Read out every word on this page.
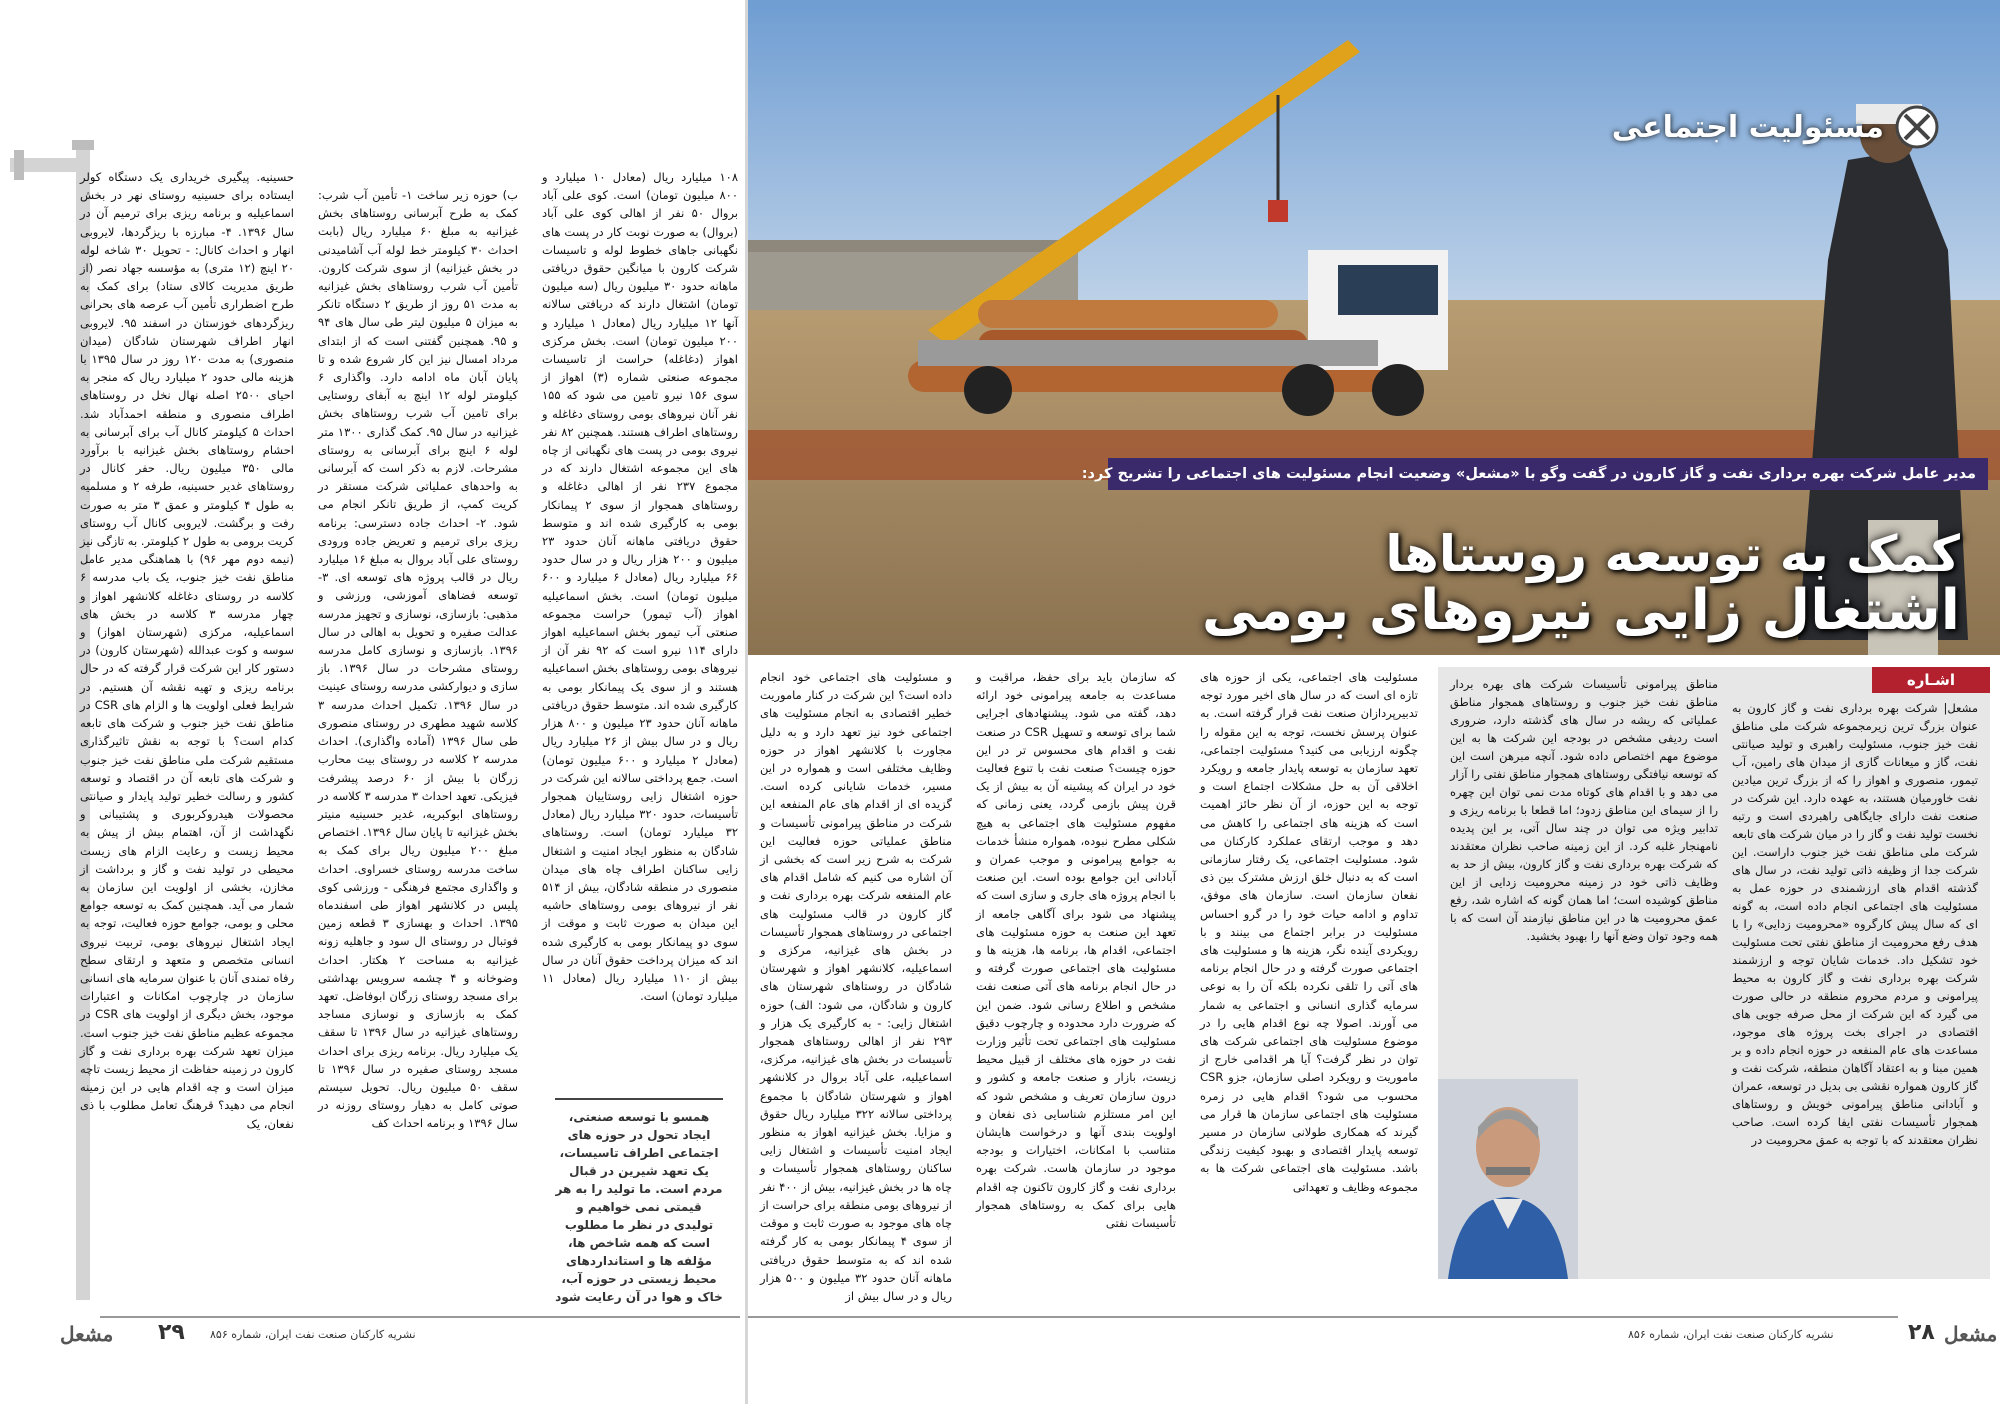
حسینیه. پیگیری خریداری یک دستگاه کولر ایستاده برای حسینیه روستای نهر در بخش اسماعیلیه و برنامه ریزی برای ترمیم آن در سال ۱۳۹۶. ۴- مبارزه با ریزگردها، لایروبی انهار و احداث کانال: - تحویل ۳۰ شاخه لوله ۲۰ اینچ (۱۲ متری) به مؤسسه جهاد نصر (از طریق مدیریت کالای ستاد) برای کمک به طرح اضطراری تأمین آب عرصه های بحرانی ریزگردهای خوزستان در اسفند ۹۵. لایروبی انهار اطراف شهرستان شادگان (میدان منصوری) به مدت ۱۲۰ روز در سال ۱۳۹۵ با هزینه مالی حدود ۲ میلیارد ریال که منجر به احیای ۲۵۰۰ اصله نهال نخل در روستاهای اطراف منصوری و منطقه احمدآباد شد. احداث ۵ کیلومتر کانال آب برای آبرسانی به احشام روستاهای بخش غیزانیه با برآورد مالی ۳۵۰ میلیون ریال. حفر کانال در روستاهای غدیر حسینیه، طرفه ۲ و مسلمیه به طول ۴ کیلومتر و عمق ۳ متر به صورت رفت و برگشت. لایروبی کانال آب روستای کریت برومی به طول ۲ کیلومتر. به تازگی نیز (نیمه دوم مهر ۹۶) با هماهنگی مدیر عامل مناطق نفت خیز جنوب، یک باب مدرسه ۶ کلاسه در روستای دغاغله کلانشهر اهواز و چهار مدرسه ۳ کلاسه در بخش های اسماعیلیه، مرکزی (شهرستان اهواز) و سوسه و کوت عبدالله (شهرستان کارون) در دستور کار این شرکت قرار گرفته که در حال برنامه ریزی و تهیه نقشه آن هستیم. در شرایط فعلی اولویت ها و الزام های CSR در مناطق نفت خیز جنوب و شرکت های تابعه کدام است؟ با توجه به نقش تاثیرگذاری مستقیم شرکت ملی مناطق نفت خیز جنوب و شرکت های تابعه آن در اقتصاد و توسعه کشور و رسالت خطیر تولید پایدار و صیانتی محصولات هیدروکربوری و پشتیبانی و نگهداشت از آن، اهتمام بیش از پیش به محیط زیست و رعایت الزام های زیست محیطی در تولید نفت و گاز و برداشت از مخازن، بخشی از اولویت این سازمان به شمار می آید. همچنین کمک به توسعه جوامع محلی و بومی، جوامع حوزه فعالیت، توجه به ایجاد اشتغال نیروهای بومی، تربیت نیروی انسانی متخصص و متعهد و ارتقای سطح رفاه تمندی آنان با عنوان سرمایه های انسانی سازمان در چارچوب امکانات و اعتبارات موجود، بخش دیگری از اولویت های CSR در مجموعه عظیم مناطق نفت خیز جنوب است. میزان تعهد شرکت بهره برداری نفت و گاز کارون در زمینه حفاظت از محیط زیست تاچه میزان است و چه اقدام هایی در این زمینه انجام می دهید؟ قرهنگ تعامل مطلوب با ذی نفعان، یک

ب) حوزه زیر ساخت ۱- تأمین آب شرب: کمک به طرح آبرسانی روستاهای بخش غیزانیه به مبلغ ۶۰ میلیارد ریال (بابت احداث ۳۰ کیلومتر خط لوله آب آشامیدنی در بخش غیزانیه) از سوی شرکت کارون. تأمین آب شرب روستاهای بخش غیزانیه به مدت ۵۱ روز از طریق ۲ دستگاه تانکر به میزان ۵ میلیون لیتر طی سال های ۹۴ و ۹۵. همچنین گفتنی است که از ابتدای مرداد امسال نیز این کار شروع شده و تا پایان آبان ماه ادامه دارد. واگذاری ۶ کیلومتر لوله ۱۲ اینچ به آبفای روستایی برای تامین آب شرب روستاهای بخش غیزانیه در سال ۹۵. کمک گذاری ۱۳۰۰ متر لوله ۶ اینچ برای آبرسانی به روستای مشرحات. لازم به ذکر است که آبرسانی به واحدهای عملیاتی شرکت مستقر در کریت کمپ، از طریق تانکر انجام می شود. ۲- احداث جاده دسترسی: برنامه ریزی برای ترمیم و تعریض جاده ورودی روستای علی آباد بروال به مبلغ ۱۶ میلیارد ریال در قالب پروژه های توسعه ای. ۳- توسعه فضاهای آموزشی، ورزشی و مذهبی: بازسازی، نوسازی و تجهیز مدرسه عدالت صفیره و تحویل به اهالی در سال ۱۳۹۶. بازسازی و نوسازی کامل مدرسه روستای مشرحات در سال ۱۳۹۶. باز سازی و دیوارکشی مدرسه روستای عینیت در سال ۱۳۹۶. تکمیل احداث مدرسه ۳ کلاسه شهید مطهری در روستای منصوری طی سال ۱۳۹۶ (آماده واگذاری). احداث مدرسه ۲ کلاسه در روستای بیت محارب زرگان با بیش از ۶۰ درصد پیشرفت فیزیکی. تعهد احداث ۳ مدرسه ۳ کلاسه در روستاهای ابوکبریه، غدیر حسینیه منیتر بخش غیزانیه تا پایان سال ۱۳۹۶. اختصاص مبلغ ۲۰۰ میلیون ریال برای کمک به ساخت مدرسه روستای خسراوی. احداث و واگذاری مجتمع فرهنگی - ورزشی کوی پلیس در کلانشهر اهواز طی اسفندماه ۱۳۹۵. احداث و بهسازی ۳ قطعه زمین فوتبال در روستای ال سود و جاهلیه زونه غیزانیه به مساحت ۲ هکتار. احداث وضوخانه و ۴ چشمه سرویس بهداشتی برای مسجد روستای زرگان ابوفاضل. تعهد کمک به بازسازی و نوسازی مساجد روستاهای غیزانیه در سال ۱۳۹۶ تا سقف یک میلیارد ریال. برنامه ریزی برای احداث مسجد روستای صفیره در سال ۱۳۹۶ تا سقف ۵۰ میلیون ریال. تحویل سیستم صوتی کامل به دهیار روستای روزنه در سال ۱۳۹۶ و برنامه احداث کف

۱۰۸ میلیارد ریال (معادل ۱۰ میلیارد و ۸۰۰ میلیون تومان) است. کوی علی آباد بروال ۵۰ نفر از اهالی کوی علی آباد (بروال) به صورت نوبت کار در پست های نگهبانی جاهای خطوط لوله و تاسیسات شرکت کارون با میانگین حقوق دریافتی ماهانه حدود ۳۰ میلیون ریال (سه میلیون تومان) اشتغال دارند که دریافتی سالانه آنها ۱۲ میلیارد ریال (معادل ۱ میلیارد و ۲۰۰ میلیون تومان) است. بخش مرکزی اهواز (دغاغله) حراست از تاسیسات مجموعه صنعتی شماره (۳) اهواز از سوی ۱۵۶ نیرو تامین می شود که ۱۵۵ نفر آنان نیروهای بومی روستای دغاغله و روستاهای اطراف هستند. همچنین ۸۲ نفر نیروی بومی در پست های نگهبانی از چاه های این مجموعه اشتغال دارند که در مجموع ۲۳۷ نفر از اهالی دغاغله و روستاهای همجوار از سوی ۲ پیمانکار بومی به کارگیری شده اند و متوسط حقوق دریافتی ماهانه آنان حدود ۲۳ میلیون و ۲۰۰ هزار ریال و در سال حدود ۶۶ میلیارد ریال (معادل ۶ میلیارد و ۶۰۰ میلیون تومان) است. بخش اسماعیلیه اهواز (آب تیمور) حراست مجموعه صنعتی آب تیمور بخش اسماعیلیه اهواز دارای ۱۱۴ نیرو است که ۹۲ نفر آن از نیروهای بومی روستاهای بخش اسماعیلیه هستند و از سوی یک پیمانکار بومی به کارگیری شده اند. متوسط حقوق دریافتی ماهانه آنان حدود ۲۳ میلیون و ۸۰۰ هزار ریال و در سال بیش از ۲۶ میلیارد ریال (معادل ۲ میلیارد و ۶۰۰ میلیون تومان) است. جمع پرداختی سالانه این شرکت در حوزه اشتغال زایی روستاییان همجوار تأسیسات، حدود ۳۲۰ میلیارد ریال (معادل ۳۲ میلیارد تومان) است. روستاهای شادگان به منظور ایجاد امنیت و اشتغال زایی ساکنان اطراف چاه های میدان منصوری در منطقه شادگان، بیش از ۵۱۴ نفر از نیروهای بومی روستاهای حاشیه این میدان به صورت ثابت و موقت از سوی دو پیمانکار بومی به کارگیری شده اند که میزان پرداخت حقوق آنان در سال بیش از ۱۱۰ میلیارد ریال (معادل ۱۱ میلیارد تومان) است.

همسو با توسعه صنعتی، ایجاد تحول در حوزه های اجتماعی اطراف تاسیسات، یک تعهد شیرین در قبال مردم است. ما تولید را به هر قیمتی نمی خواهیم و تولیدی در نظر ما مطلوب است که همه شاخص ها، مؤلفه ها و استانداردهای محیط زیستی در حوزه آب، خاک و هوا در آن رعایت شود
مشعل ۲۹ نشریه کارکنان صنعت نفت ایران، شماره ۸۵۶
مسئولیت اجتماعی
مدیر عامل شرکت بهره برداری نفت و گاز کارون در گفت وگو با «مشعل» وضعیت انجام مسئولیت های اجتماعی را تشریح کرد:
کمک به توسعه روستاها
اشتغال زایی نیروهای بومی

و مسئولیت های اجتماعی خود انجام داده است؟ این شرکت در کنار ماموریت خطیر اقتصادی به انجام مسئولیت های اجتماعی خود نیز تعهد دارد و به دلیل مجاورت با کلانشهر اهواز در حوزه وظایف مختلفی است و همواره در این مسیر، خدمات شایانی کرده است. گزیده ای از اقدام های عام المنفعه این شرکت در مناطق پیرامونی تأسیسات و مناطق عملیاتی حوزه فعالیت این شرکت به شرح زیر است که بخشی از آن اشاره می کنیم که شامل اقدام های عام المنفعه شرکت بهره برداری نفت و گاز کارون در قالب مسئولیت های اجتماعی در روستاهای همجوار تأسیسات در بخش های غیزانیه، مرکزی و اسماعیلیه، کلانشهر اهواز و شهرستان شادگان در روستاهای شهرستان های کارون و شادگان، می شود: الف) حوزه اشتغال زایی: - به کارگیری یک هزار و ۲۹۳ نفر از اهالی روستاهای همجوار تأسیسات در بخش های غیزانیه، مرکزی، اسماعیلیه، علی آباد بروال در کلانشهر اهواز و شهرستان شادگان با مجموع پرداختی سالانه ۳۲۲ میلیارد ریال حقوق و مزایا. بخش غیزانیه اهواز به منظور ایجاد امنیت تأسیسات و اشتغال زایی ساکنان روستاهای همجوار تأسیسات و چاه ها در بخش غیزانیه، بیش از ۴۰۰ نفر از نیروهای بومی منطقه برای حراست از چاه های موجود به صورت ثابت و موقت از سوی ۴ پیمانکار بومی به کار گرفته شده اند که به متوسط حقوق دریافتی ماهانه آنان حدود ۳۲ میلیون و ۵۰۰ هزار ریال و در سال بیش از

که سازمان باید برای حفظ، مراقبت و مساعدت به جامعه پیرامونی خود ارائه دهد، گفته می شود. پیشنهادهای اجرایی شما برای توسعه و تسهیل CSR در صنعت نفت و اقدام های محسوس تر در این حوزه چیست؟ صنعت نفت با تنوع فعالیت خود در ایران که پیشینه آن به بیش از یک قرن پیش بازمی گردد، یعنی زمانی که مفهوم مسئولیت های اجتماعی به هیچ شکلی مطرح نبوده، همواره منشأ خدمات به جوامع پیرامونی و موجب عمران و آبادانی این جوامع بوده است. این صنعت با انجام پروژه های جاری و سازی است که پیشنهاد می شود برای آگاهی جامعه از تعهد این صنعت به حوزه مسئولیت های اجتماعی، اقدام ها، برنامه ها، هزینه ها و مسئولیت های اجتماعی صورت گرفته و در حال انجام برنامه های آتی صنعت نفت مشخص و اطلاع رسانی شود. ضمن این که ضرورت دارد محدوده و چارچوب دقیق مسئولیت های اجتماعی تحت تأثیر وزارت نفت در حوزه های مختلف از قبیل محیط زیست، بازار و صنعت جامعه و کشور و درون سازمان تعریف و مشخص شود که این امر مستلزم شناسایی ذی نفعان و اولویت بندی آنها و درخواست هایشان متناسب با امکانات، اختیارات و بودجه موجود در سازمان هاست. شرکت بهره برداری نفت و گاز کارون تاکنون چه اقدام هایی برای کمک به روستاهای همجوار تأسیسات نفتی

مسئولیت های اجتماعی، یکی از حوزه های تازه ای است که در سال های اخیر مورد توجه تدبیرپردازان صنعت نفت قرار گرفته است. به عنوان پرسش نخست، توجه به این مقوله را چگونه ارزیابی می کنید؟ مسئولیت اجتماعی، تعهد سازمان به توسعه پایدار جامعه و رویکرد اخلاقی آن به حل مشکلات اجتماع است و توجه به این حوزه، از آن نظر حائز اهمیت است که هزینه های اجتماعی را کاهش می دهد و موجب ارتقای عملکرد کارکنان می شود. مسئولیت اجتماعی، یک رفتار سازمانی است که به دنبال خلق ارزش مشترک بین ذی نفعان سازمان است. سازمان های موفق، تداوم و ادامه حیات خود را در گرو احساس مسئولیت در برابر اجتماع می بینند و با رویکردی آینده نگر، هزینه ها و مسئولیت های اجتماعی صورت گرفته و در حال انجام برنامه های آتی را تلقی نکرده بلکه آن را به نوعی سرمایه گذاری انسانی و اجتماعی به شمار می آورند. اصولا چه نوع اقدام هایی را در موضوع مسئولیت های اجتماعی شرکت های توان در نظر گرفت؟ آیا هر اقدامی خارج از ماموریت و رویکرد اصلی سازمان، جزو CSR محسوب می شود؟ اقدام هایی در زمره مسئولیت های اجتماعی سازمان ها قرار می گیرند که همکاری طولانی سازمان در مسیر توسعه پایدار اقتصادی و بهبود کیفیت زندگی باشد. مسئولیت های اجتماعی شرکت ها به مجموعه وظایف و تعهداتی

اشـاره

مشعل| شرکت بهره برداری نفت و گاز کارون به عنوان بزرگ ترین زیرمجموعه شرکت ملی مناطق نفت خیز جنوب، مسئولیت راهبری و تولید صیانتی نفت، گاز و میعانات گازی از میدان های رامین، آب تیمور، منصوری و اهواز را که از بزرگ ترین میادین نفت خاورمیان هستند، به عهده دارد. این شرکت در صنعت نفت دارای جایگاهی راهبردی است و رتبه نخست تولید نفت و گاز را در میان شرکت های تابعه شرکت ملی مناطق نفت خیز جنوب داراست. این شرکت جدا از وظیفه ذاتی تولید نفت، در سال های گذشته اقدام های ارزشمندی در حوزه عمل به مسئولیت های اجتماعی انجام داده است، به گونه ای که سال پیش کارگروه «محرومیت زدایی» را با هدف رفع محرومیت از مناطق نفتی تحت مسئولیت خود تشکیل داد. خدمات شایان توجه و ارزشمند شرکت بهره برداری نفت و گاز کارون به محیط پیرامونی و مردم محروم منطقه در حالی صورت می گیرد که این شرکت از محل صرفه جویی های اقتصادی در اجرای بخت پروژه های موجود، مساعدت های عام المنفعه در حوزه انجام داده و بر همین مبنا و به اعتقاد آگاهان منطقه، شرکت نفت و گاز کارون همواره نقشی بی بدیل در توسعه، عمران و آبادانی مناطق پیرامونی خویش و روستاهای همجوار تأسیسات نفتی ایفا کرده است. صاحب نظران معتقدند که با توجه به عمق محرومیت در

مناطق پیرامونی تأسیسات شرکت های بهره بردار مناطق نفت خیز جنوب و روستاهای همجوار مناطق عملیاتی که ریشه در سال های گذشته دارد، ضروری است ردیفی مشخص در بودجه این شرکت ها به این موضوع مهم اختصاص داده شود. آنچه مبرهن است این که توسعه نیافتگی روستاهای همجوار مناطق نفتی را آزار می دهد و با اقدام های کوتاه مدت نمی توان این چهره را از سیمای این مناطق زدود؛ اما قطعا با برنامه ریزی و تدابیر ویژه می توان در چند سال آتی، بر این پدیده نامهنجار غلبه کرد. از این زمینه صاحب نظران معتقدند که شرکت بهره برداری نفت و گاز کارون، بیش از حد به وظایف ذاتی خود در زمینه محرومیت زدایی از این مناطق کوشیده است؛ اما همان گونه که اشاره شد، رفع عمق محرومیت ها در این مناطق نیازمند آن است که با همه وجود توان وضع آنها را بهبود بخشید.

نشریه کارکنان صنعت نفت ایران، شماره ۸۵۶	۲۸ مشعل
